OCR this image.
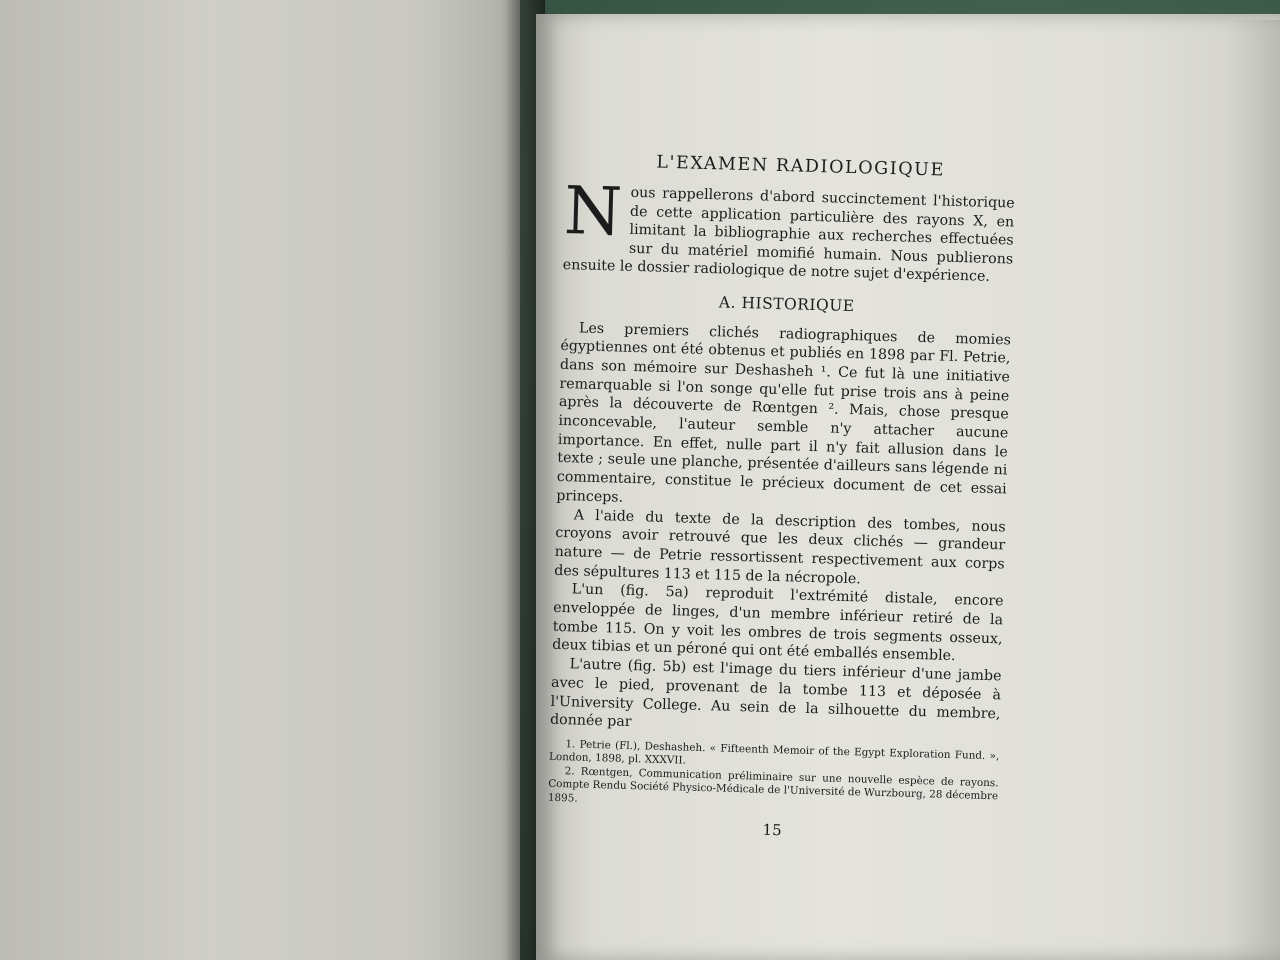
L'EXAMEN RADIOLOGIQUE
N ous rappellerons d'abord succinctement l'historique de cette application particulière des rayons X, en limitant la bibliographie aux recherches effectuées sur du matériel momifié humain. Nous publierons ensuite le dossier radiologique de notre sujet d'expérience.
A. HISTORIQUE

Les premiers clichés radiographiques de momies égyptiennes ont été obtenus et publiés en 1898 par Fl. Petrie, dans son mémoire sur Deshasheh ¹. Ce fut là une initiative remarquable si l'on songe qu'elle fut prise trois ans à peine après la découverte de Rœntgen ². Mais, chose presque inconcevable, l'auteur semble n'y attacher aucune importance. En effet, nulle part il n'y fait allusion dans le texte ; seule une planche, présentée d'ailleurs sans légende ni commentaire, constitue le précieux document de cet essai princeps.

A l'aide du texte de la description des tombes, nous croyons avoir retrouvé que les deux clichés — grandeur nature — de Petrie ressortissent respectivement aux corps des sépultures 113 et 115 de la nécropole.

L'un (fig. 5a) reproduit l'extrémité distale, encore enveloppée de linges, d'un membre inférieur retiré de la tombe 115. On y voit les ombres de trois segments osseux, deux tibias et un péroné qui ont été emballés ensemble.

L'autre (fig. 5b) est l'image du tiers inférieur d'une jambe avec le pied, provenant de la tombe 113 et déposée à l'University College. Au sein de la silhouette du membre, donnée par

1. Petrie (Fl.), Deshasheh. « Fifteenth Memoir of the Egypt Exploration Fund. », London, 1898, pl. XXXVII.

2. Rœntgen, Communication préliminaire sur une nouvelle espèce de rayons. Compte Rendu Société Physico-Médicale de l'Université de Wurzbourg, 28 décembre 1895.

15
